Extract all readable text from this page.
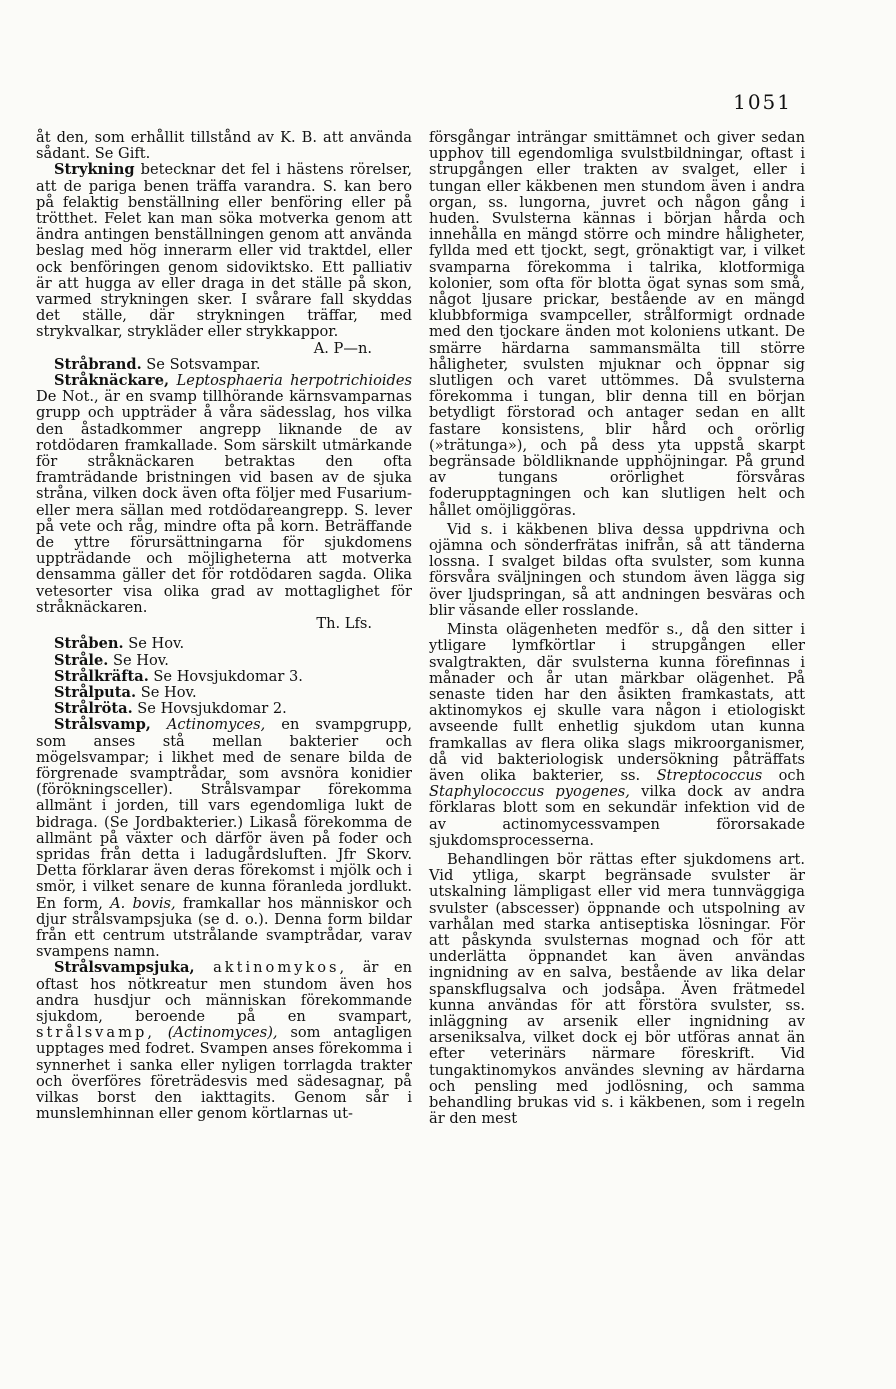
1051

åt den, som erhållit tillstånd av K. B. att använda sådant. Se Gift.

Strykning betecknar det fel i hästens rörelser, att de pariga benen träffa varandra. S. kan bero på felaktig benställning eller benföring eller på trötthet. Felet kan man söka motverka genom att ändra antingen benställningen genom att använda beslag med hög innerarm eller vid traktdel, eller ock benföringen genom sidoviktsko. Ett palliativ är att hugga av eller draga in det ställe på skon, varmed strykningen sker. I svårare fall skyddas det ställe, där strykningen träffar, med strykvalkar, strykläder eller strykkappor.

A. P—n.

Stråbrand. Se Sotsvampar.

Stråknäckare, Leptosphaeria herpotrichioides De Not., är en svamp tillhörande kärnsvamparnas grupp och uppträder å våra sädesslag, hos vilka den åstadkommer angrepp liknande de av rotdödaren framkallade. Som särskilt utmärkande för stråknäckaren betraktas den ofta framträdande bristningen vid basen av de sjuka stråna, vilken dock även ofta följer med Fusarium- eller mera sällan med rotdödareangrepp. S. lever på vete och råg, mindre ofta på korn. Beträffande de yttre förursättningarna för sjukdomens uppträdande och möjligheterna att motverka densamma gäller det för rotdödaren sagda. Olika vetesorter visa olika grad av mottaglighet för stråknäckaren.

Th. Lfs.

Stråben. Se Hov.

Stråle. Se Hov.

Strålkräfta. Se Hovsjukdomar 3.

Strålputa. Se Hov.

Strålröta. Se Hovsjukdomar 2.

Strålsvamp, Actinomyces, en svampgrupp, som anses stå mellan bakterier och mögelsvampar; i likhet med de senare bilda de förgrenade svamptrådar, som avsnöra konidier (förökningsceller). Strålsvampar förekomma allmänt i jorden, till vars egendomliga lukt de bidraga. (Se Jordbakterier.) Likaså förekomma de allmänt på växter och därför även på foder och spridas från detta i ladugårdsluften. Jfr Skorv. Detta förklarar även deras förekomst i mjölk och i smör, i vilket senare de kunna föranleda jordlukt. En form, A. bovis, framkallar hos människor och djur strålsvampsjuka (se d. o.). Denna form bildar från ett centrum utstrålande svamptrådar, varav svampens namn.

Strålsvampsjuka, aktinomykos, är en oftast hos nötkreatur men stundom även hos andra husdjur och människan förekommande sjukdom, beroende på en svampart, strålsvamp, (Actinomyces), som antagligen upptages med fodret. Svampen anses förekomma i synnerhet i sanka eller nyligen torrlagda trakter och överföres företrädesvis med sädesagnar, på vilkas borst den iakttagits. Genom sår i munslemhinnan eller genom körtlarnas ut-

försgångar inträngar smittämnet och giver sedan upphov till egendomliga svulstbildningar, oftast i strupgången eller trakten av svalget, eller i tungan eller käkbenen men stundom även i andra organ, ss. lungorna, juvret och någon gång i huden. Svulsterna kännas i början hårda och innehålla en mängd större och mindre håligheter, fyllda med ett tjockt, segt, grönaktigt var, i vilket svamparna förekomma i talrika, klotformiga kolonier, som ofta för blotta ögat synas som små, något ljusare prickar, bestående av en mängd klubbformiga svampceller, strålformigt ordnade med den tjockare änden mot koloniens utkant. De smärre härdarna sammansmälta till större håligheter, svulsten mjuknar och öppnar sig slutligen och varet uttömmes. Då svulsterna förekomma i tungan, blir denna till en början betydligt förstorad och antager sedan en allt fastare konsistens, blir hård och orörlig (»trätunga»), och på dess yta uppstå skarpt begränsade böldliknande upphöjningar. På grund av tungans orörlighet försvåras foderupptagningen och kan slutligen helt och hållet omöjliggöras.

Vid s. i käkbenen bliva dessa uppdrivna och ojämna och sönderfrätas inifrån, så att tänderna lossna. I svalget bildas ofta svulster, som kunna försvåra sväljningen och stundom även lägga sig över ljudspringan, så att andningen besväras och blir väsande eller rosslande.

Minsta olägenheten medför s., då den sitter i ytligare lymfkörtlar i strupgången eller svalgtrakten, där svulsterna kunna förefinnas i månader och år utan märkbar olägenhet. På senaste tiden har den åsikten framkastats, att aktinomykos ej skulle vara någon i etiologiskt avseende fullt enhetlig sjukdom utan kunna framkallas av flera olika slags mikroorganismer, då vid bakteriologisk undersökning påträffats även olika bakterier, ss. Streptococcus och Staphylococcus pyogenes, vilka dock av andra förklaras blott som en sekundär infektion vid de av actinomycessvampen förorsakade sjukdomsprocesserna.

Behandlingen bör rättas efter sjukdomens art. Vid ytliga, skarpt begränsade svulster är utskalning lämpligast eller vid mera tunnväggiga svulster (abscesser) öppnande och utspolning av varhålan med starka antiseptiska lösningar. För att påskynda svulsternas mognad och för att underlätta öppnandet kan även användas ingnidning av en salva, bestående av lika delar spanskflugsalva och jodsåpa. Även frätmedel kunna användas för att förstöra svulster, ss. inläggning av arsenik eller ingnidning av arseniksalva, vilket dock ej bör utföras annat än efter veterinärs närmare föreskrift. Vid tungaktinomykos användes slevning av härdarna och pensling med jodlösning, och samma behandling brukas vid s. i käkbenen, som i regeln är den mest
